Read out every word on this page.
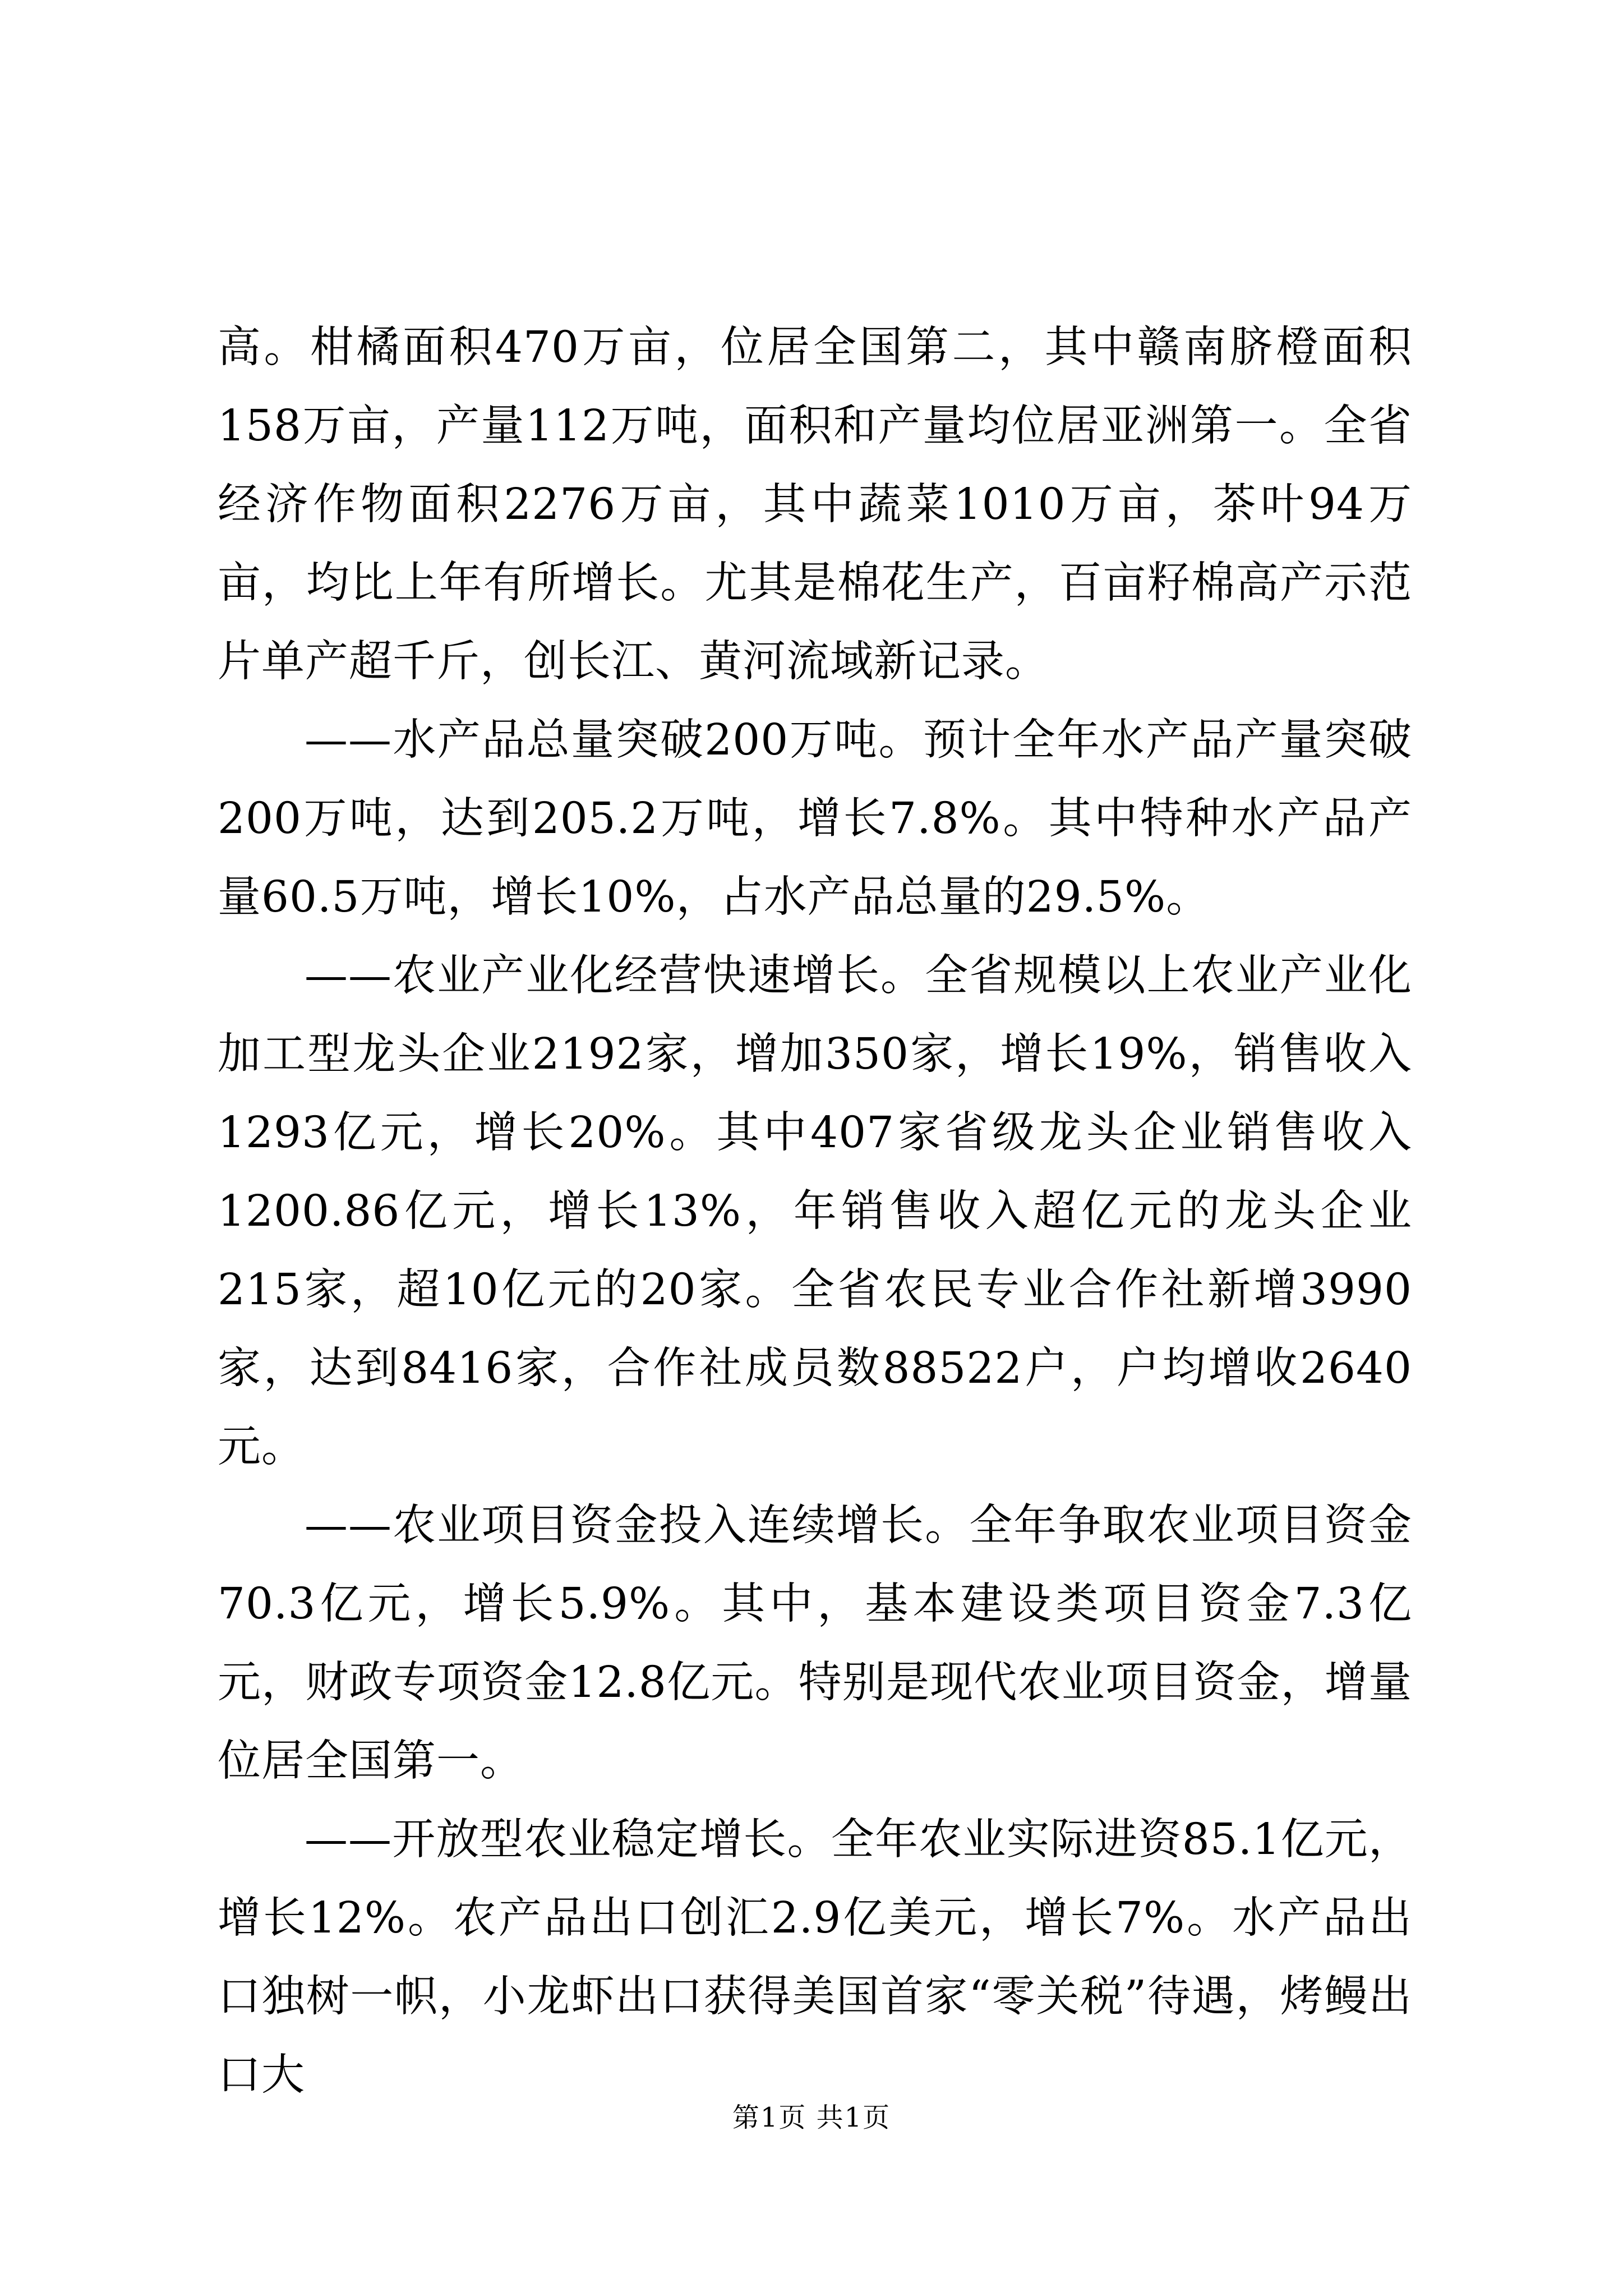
高。柑橘面积470万亩，位居全国第二，其中赣南脐橙面积158万亩，产量112万吨，面积和产量均位居亚洲第一。全省经济作物面积2276万亩，其中蔬菜1010万亩，茶叶94万亩，均比上年有所增长。尤其是棉花生产，百亩籽棉高产示范片单产超千斤，创长江、黄河流域新记录。

——水产品总量突破200万吨。预计全年水产品产量突破200万吨，达到205.2万吨，增长7.8%。其中特种水产品产量60.5万吨，增长10%，占水产品总量的29.5%。

——农业产业化经营快速增长。全省规模以上农业产业化加工型龙头企业2192家，增加350家，增长19%，销售收入1293亿元，增长20%。其中407家省级龙头企业销售收入1200.86亿元，增长13%，年销售收入超亿元的龙头企业215家，超10亿元的20家。全省农民专业合作社新增3990家，达到8416家，合作社成员数88522户，户均增收2640元。

——农业项目资金投入连续增长。全年争取农业项目资金70.3亿元，增长5.9%。其中，基本建设类项目资金7.3亿元，财政专项资金12.8亿元。特别是现代农业项目资金，增量位居全国第一。

——开放型农业稳定增长。全年农业实际进资85.1亿元，增长12%。农产品出口创汇2.9亿美元，增长7%。水产品出口独树一帜，小龙虾出口获得美国首家“零关税”待遇，烤鳗出口大

第1页 共1页
